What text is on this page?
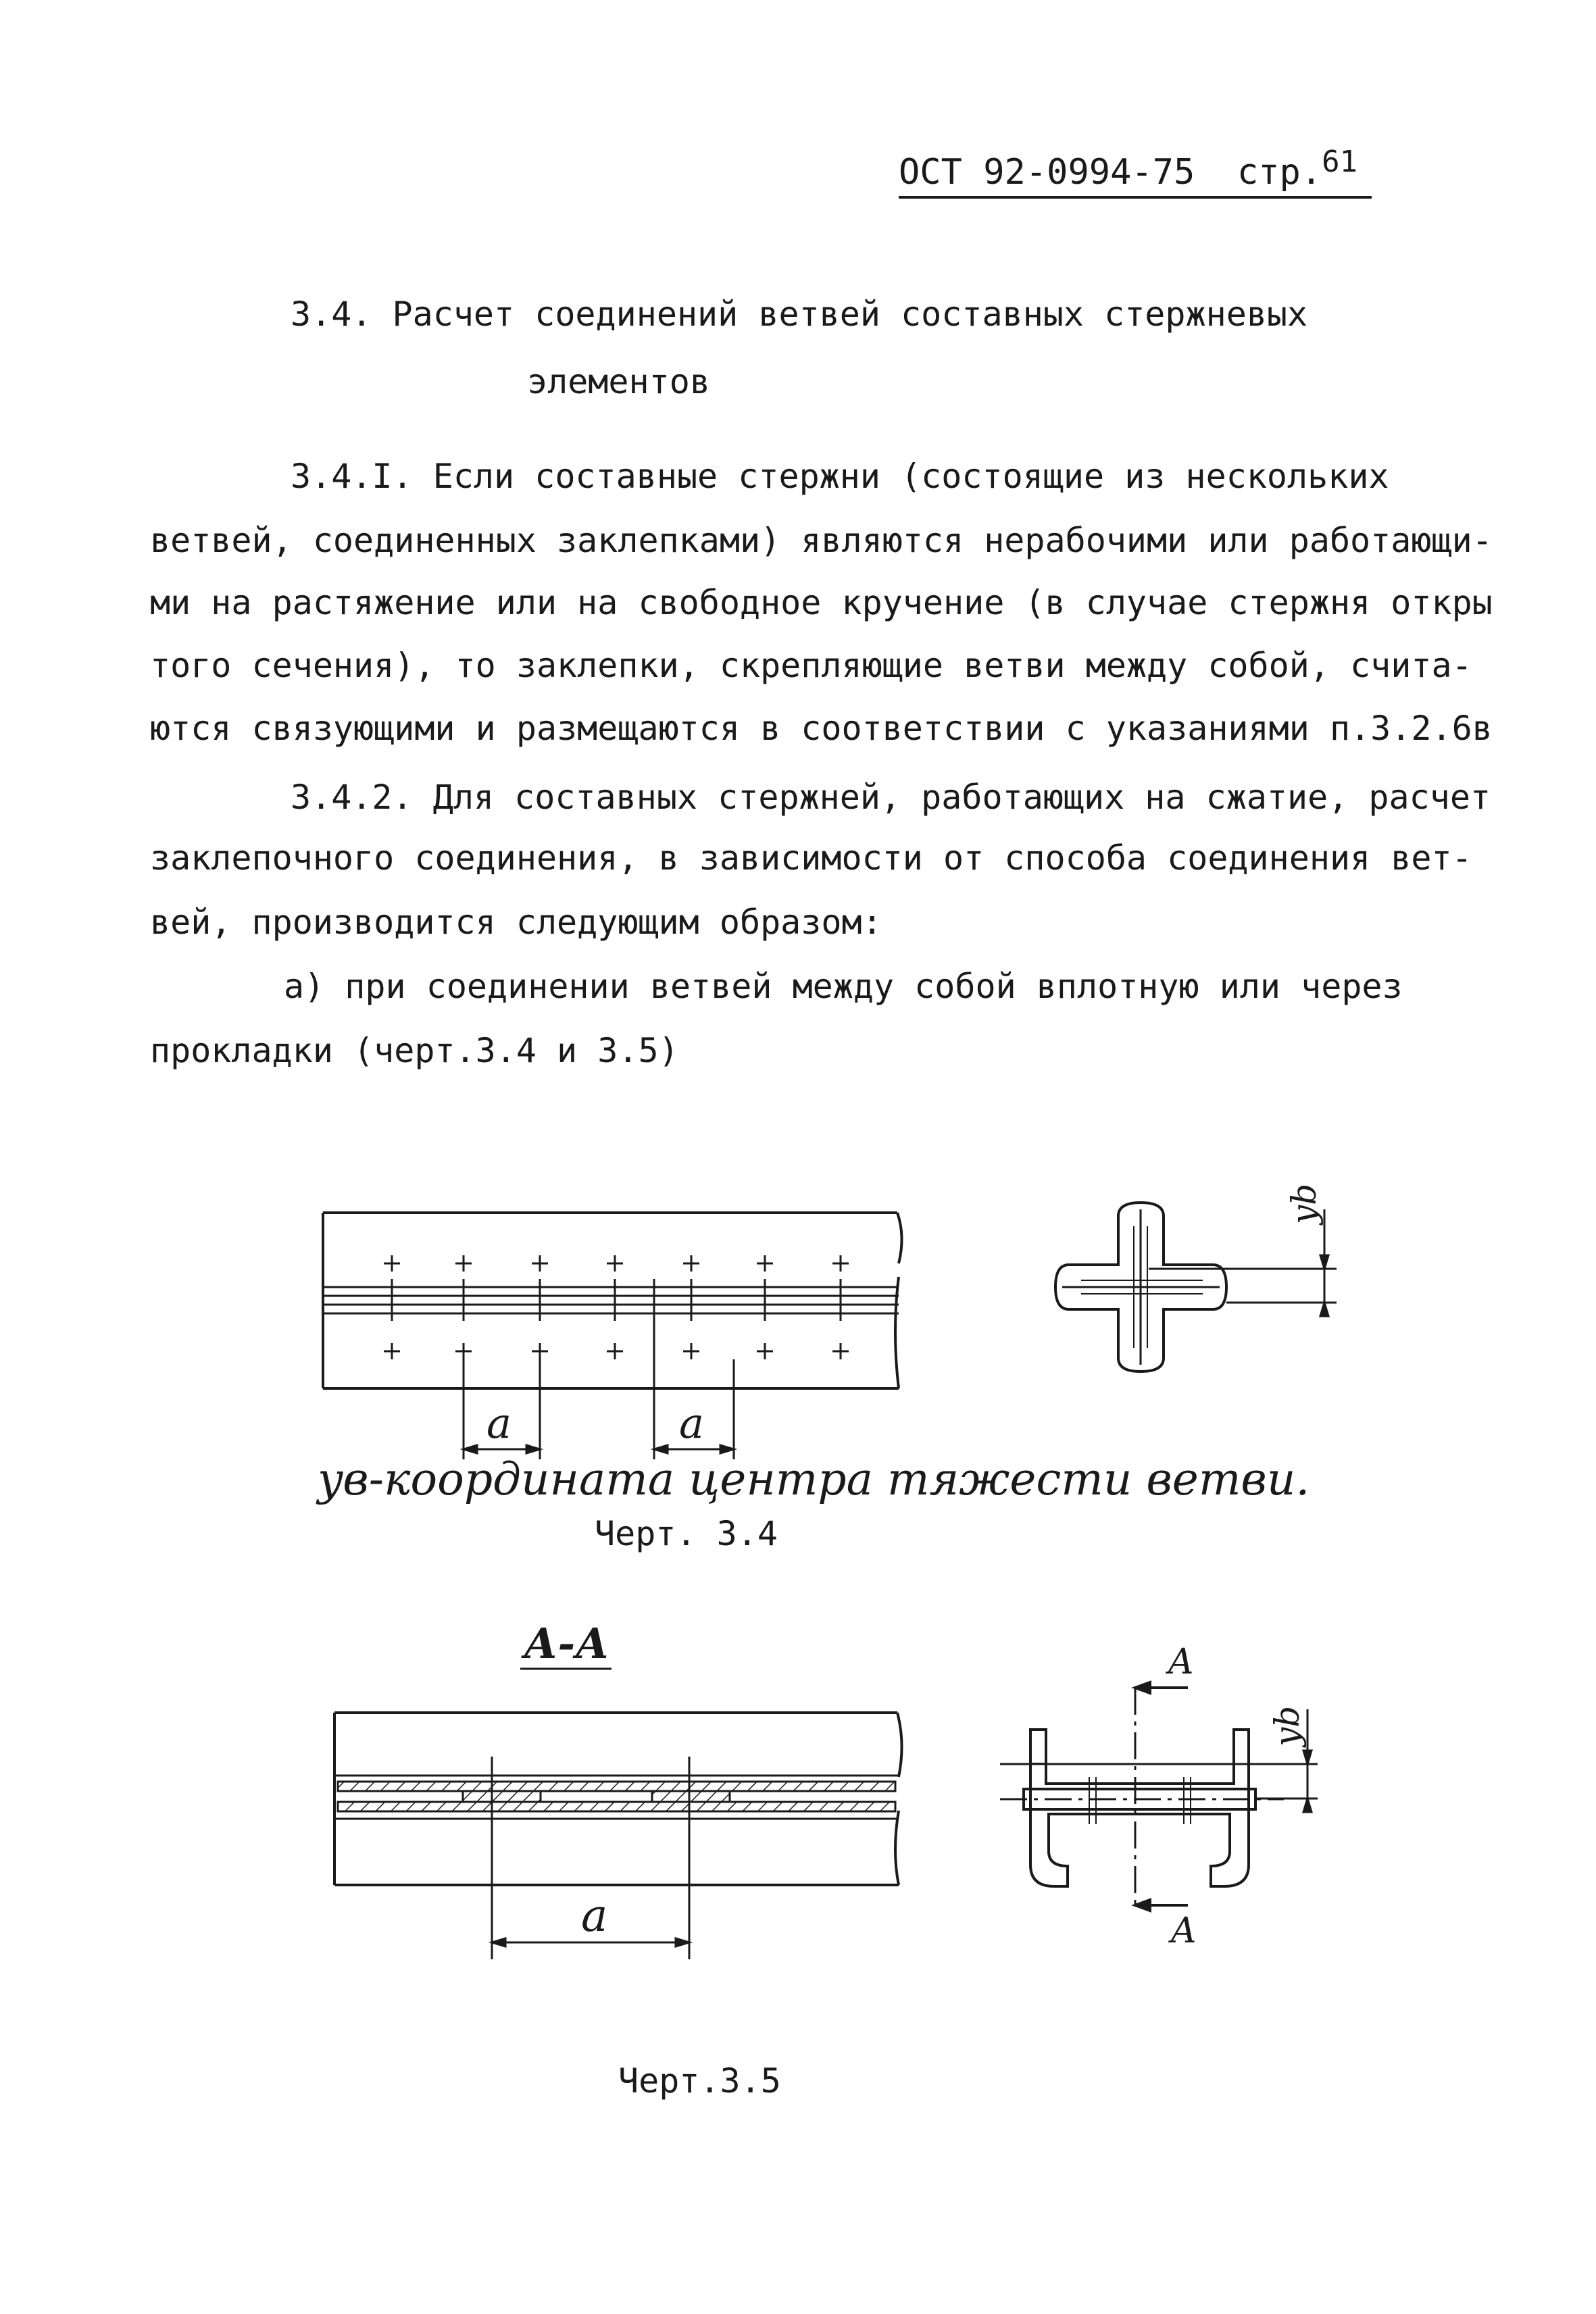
ОСТ 92-0994-75 стр.$^{61}$
3.4. Расчет соединений ветвей составных стержневых
элементов
3.4.I. Если составные стержни (состоящие из нескольких
ветвей, соединенных заклепками) являются нерабочими или работающи-
ми на растяжение или на свободное кручение (в случае стержня откры
того сечения), то заклепки, скрепляющие ветви между собой, счита-
ются связующими и размещаются в соответствии с указаниями п.3.2.6в
3.4.2. Для составных стержней, работающих на сжатие, расчет
заклепочного соединения, в зависимости от способа соединения вет-
вей, производится следующим образом:
а) при соединении ветвей между собой вплотную или через
прокладки (черт.3.4 и 3.5)
a	a
yb
yв-координата центра тяжести ветви.
Черт. 3.4
А-А
a
А
А
yb
Черт.3.5
